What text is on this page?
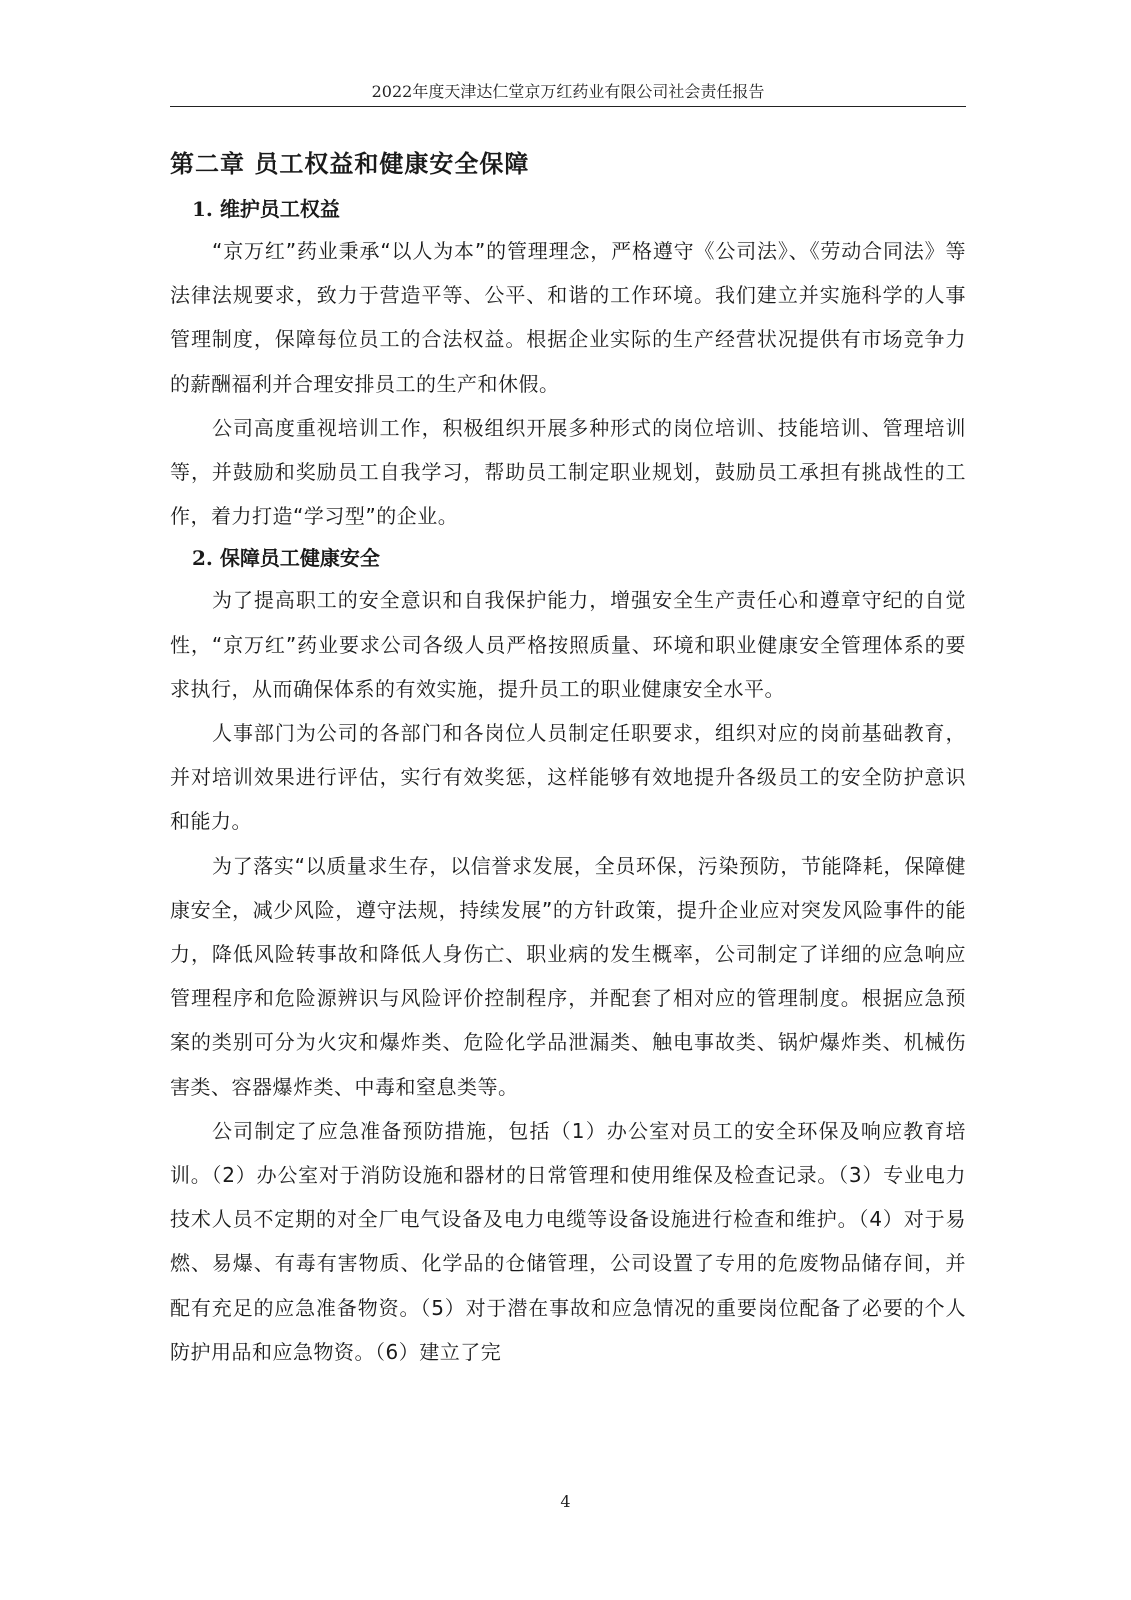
2022年度天津达仁堂京万红药业有限公司社会责任报告
第二章 员工权益和健康安全保障
1. 维护员工权益

“京万红”药业秉承“以人为本”的管理理念，严格遵守《公司法》、《劳动合同法》等法律法规要求，致力于营造平等、公平、和谐的工作环境。我们建立并实施科学的人事管理制度，保障每位员工的合法权益。根据企业实际的生产经营状况提供有市场竞争力的薪酬福利并合理安排员工的生产和休假。

公司高度重视培训工作，积极组织开展多种形式的岗位培训、技能培训、管理培训等，并鼓励和奖励员工自我学习，帮助员工制定职业规划，鼓励员工承担有挑战性的工作，着力打造“学习型”的企业。

2. 保障员工健康安全

为了提高职工的安全意识和自我保护能力，增强安全生产责任心和遵章守纪的自觉性，“京万红”药业要求公司各级人员严格按照质量、环境和职业健康安全管理体系的要求执行，从而确保体系的有效实施，提升员工的职业健康安全水平。

人事部门为公司的各部门和各岗位人员制定任职要求，组织对应的岗前基础教育，并对培训效果进行评估，实行有效奖惩，这样能够有效地提升各级员工的安全防护意识和能力。

为了落实“以质量求生存，以信誉求发展，全员环保，污染预防，节能降耗，保障健康安全，减少风险，遵守法规，持续发展”的方针政策，提升企业应对突发风险事件的能力，降低风险转事故和降低人身伤亡、职业病的发生概率，公司制定了详细的应急响应管理程序和危险源辨识与风险评价控制程序，并配套了相对应的管理制度。根据应急预案的类别可分为火灾和爆炸类、危险化学品泄漏类、触电事故类、锅炉爆炸类、机械伤害类、容器爆炸类、中毒和窒息类等。

公司制定了应急准备预防措施，包括（1）办公室对员工的安全环保及响应教育培训。（2）办公室对于消防设施和器材的日常管理和使用维保及检查记录。（3）专业电力技术人员不定期的对全厂电气设备及电力电缆等设备设施进行检查和维护。（4）对于易燃、易爆、有毒有害物质、化学品的仓储管理，公司设置了专用的危废物品储存间，并配有充足的应急准备物资。（5）对于潜在事故和应急情况的重要岗位配备了必要的个人防护用品和应急物资。（6）建立了完

4
